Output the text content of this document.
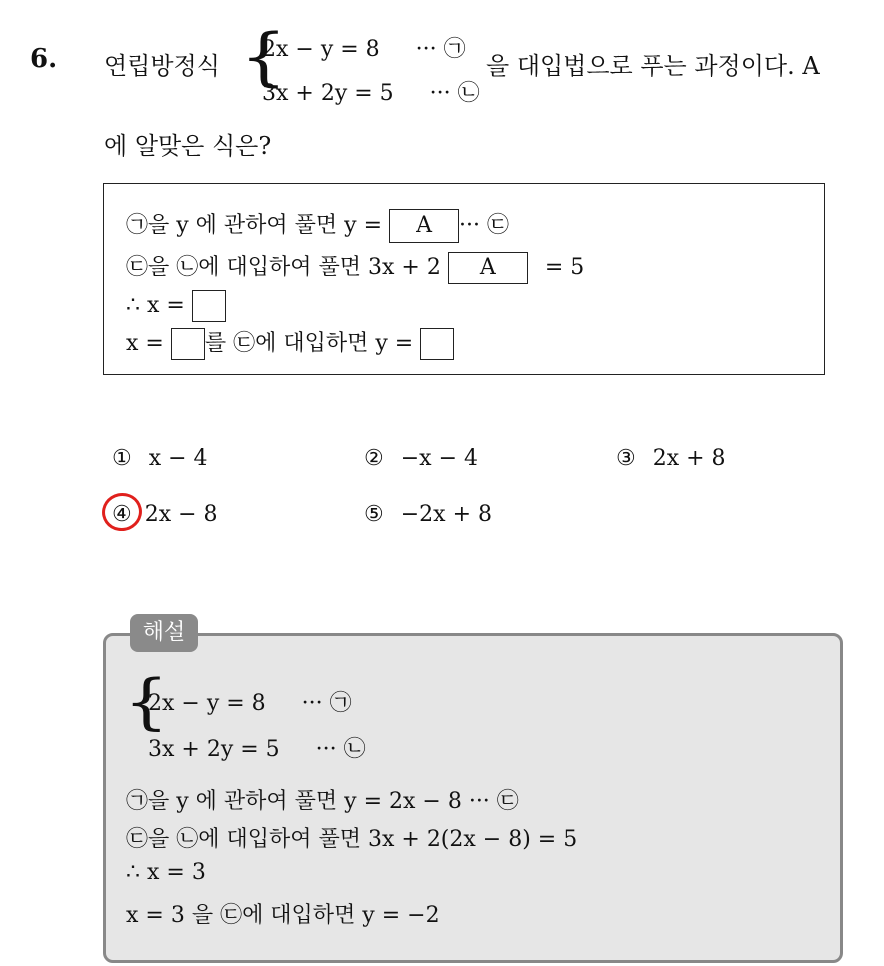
6. 연립방정식 {
2x − y = 8 ··· ㉠
3x + 2y = 5 ··· ㉡
을 대입법으로 푸는 과정이다. A
에 알맞은 식은?
㉠을 y 에 관하여 풀면 y = A ··· ㉢
㉢을 ㉡에 대입하여 풀면 3x + 2 A = 5
∴ x =
x = 를 ㉢에 대입하면 y =
① x − 4	② −x − 4	③ 2x + 8
④ 2x − 8	⑤ −2x + 8
해설
{
2x − y = 8 ··· ㉠
3x + 2y = 5 ··· ㉡
㉠을 y 에 관하여 풀면 y = 2x − 8 ··· ㉢
㉢을 ㉡에 대입하여 풀면 3x + 2(2x − 8) = 5
∴ x = 3
x = 3 을 ㉢에 대입하면 y = −2
